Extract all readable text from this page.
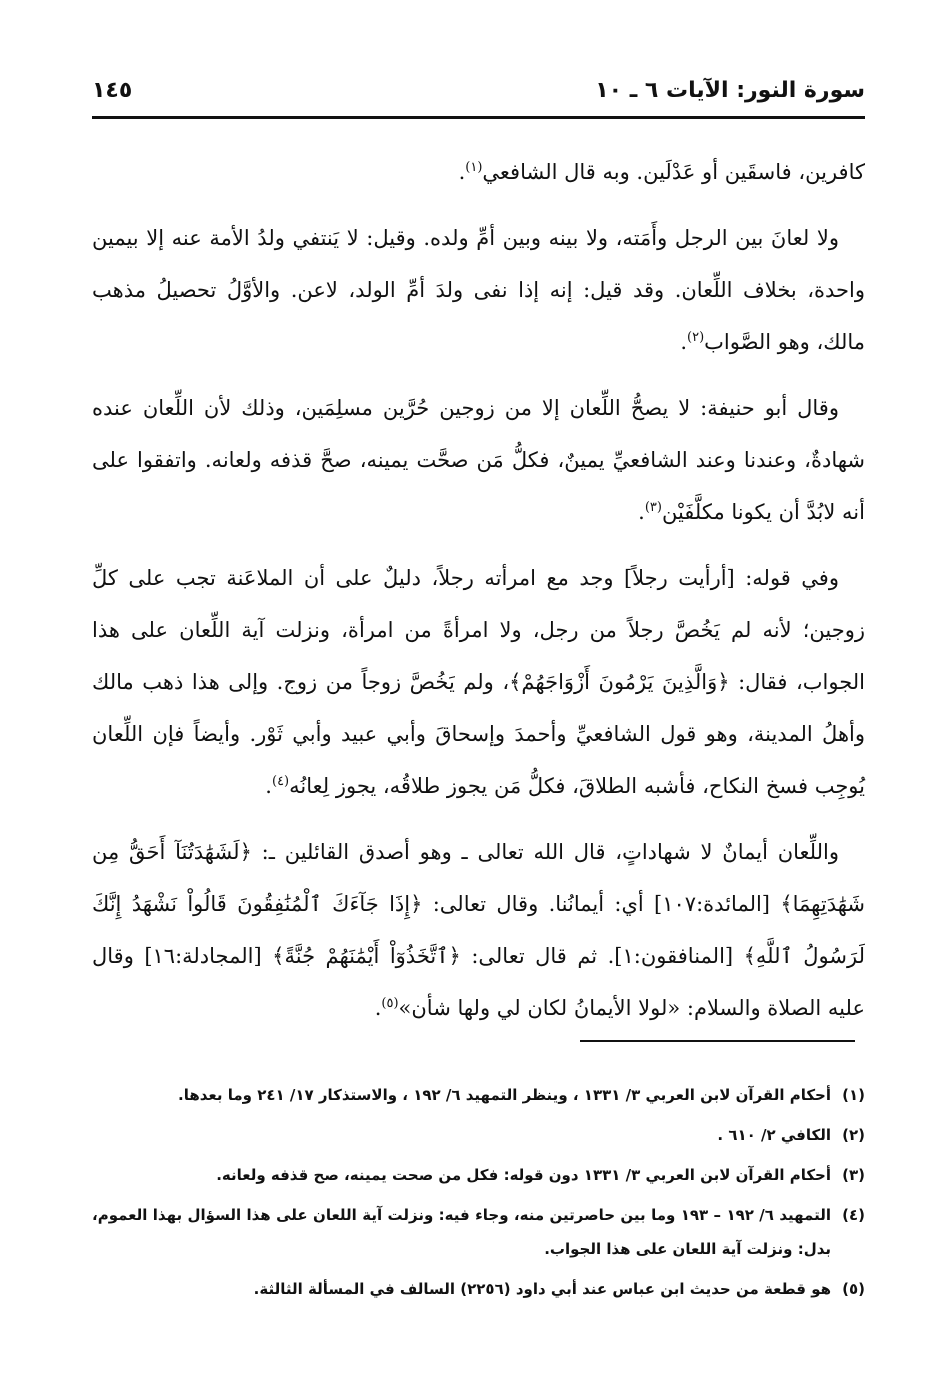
سورة النور: الآيات ٦ ـ ١٠
١٤٥

كافرين، فاسقَين أو عَدْلَين. وبه قال الشافعي$^{(١)}$.

ولا لعانَ بين الرجل وأَمَته، ولا بينه وبين أمِّ ولده. وقيل: لا يَنتفي ولدُ الأمة عنه إلا بيمين واحدة، بخلاف اللِّعان. وقد قيل: إنه إذا نفى ولدَ أمِّ الولد، لاعن. والأوَّلُ تحصيلُ مذهب مالك، وهو الصَّواب$^{(٢)}$.

وقال أبو حنيفة: لا يصحُّ اللِّعان إلا من زوجين حُرَّين مسلِمَين، وذلك لأن اللِّعان عنده شهادةٌ، وعندنا وعند الشافعيِّ يمينٌ، فكلُّ مَن صحَّت يمينه، صحَّ قذفه ولعانه. واتفقوا على أنه لابُدَّ أن يكونا مكلَّفَيْن$^{(٣)}$.

وفي قوله: [أرأيت رجلاً] وجد مع امرأته رجلاً، دليلٌ على أن الملاعَنة تجب على كلِّ زوجين؛ لأنه لم يَخُصَّ رجلاً من رجل، ولا امرأةً من امرأة، ونزلت آية اللِّعان على هذا الجواب، فقال: ﴿وَالَّذِينَ يَرْمُونَ أَزْوَاجَهُمْ﴾، ولم يَخُصَّ زوجاً من زوج. وإلى هذا ذهب مالك وأهلُ المدينة، وهو قول الشافعيِّ وأحمدَ وإسحاقَ وأبي عبيد وأبي ثَوْر. وأيضاً فإن اللِّعان يُوجِب فسخ النكاح، فأشبه الطلاقَ، فكلُّ مَن يجوز طلاقُه، يجوز لِعانُه$^{(٤)}$.

واللِّعان أيمانٌ لا شهاداتٍ، قال الله تعالى ـ وهو أصدق القائلين ـ: ﴿لَشَهَٰدَتُنَآ أَحَقُّ مِن شَهَٰدَتِهِمَا﴾ [المائدة:١٠٧] أي: أيمانُنا. وقال تعالى: ﴿إِذَا جَآءَكَ ٱلْمُنَٰفِقُونَ قَالُواْ نَشْهَدُ إِنَّكَ لَرَسُولُ ٱللَّهِ﴾ [المنافقون:١]. ثم قال تعالى: ﴿ٱتَّخَذُوٓاْ أَيْمَٰنَهُمْ جُنَّةً﴾ [المجادلة:١٦] وقال عليه الصلاة والسلام: «لولا الأيمانُ لكان لي ولها شأن»$^{(٥)}$.

(١)أحكام القرآن لابن العربي ٣/ ١٣٣١ ، وينظر التمهيد ٦/ ١٩٢ ، والاستذكار ١٧/ ٢٤١ وما بعدها.
(٢)الكافي ٢/ ٦١٠ .
(٣)أحكام القرآن لابن العربي ٣/ ١٣٣١ دون قوله: فكل من صحت يمينه، صح قذفه ولعانه.
(٤)التمهيد ٦/ ١٩٢ – ١٩٣ وما بين حاصرتين منه، وجاء فيه: ونزلت آية اللعان على هذا السؤال بهذا العموم، بدل: ونزلت آية اللعان على هذا الجواب.
(٥)هو قطعة من حديث ابن عباس عند أبي داود (٢٢٥٦) السالف في المسألة الثالثة.
